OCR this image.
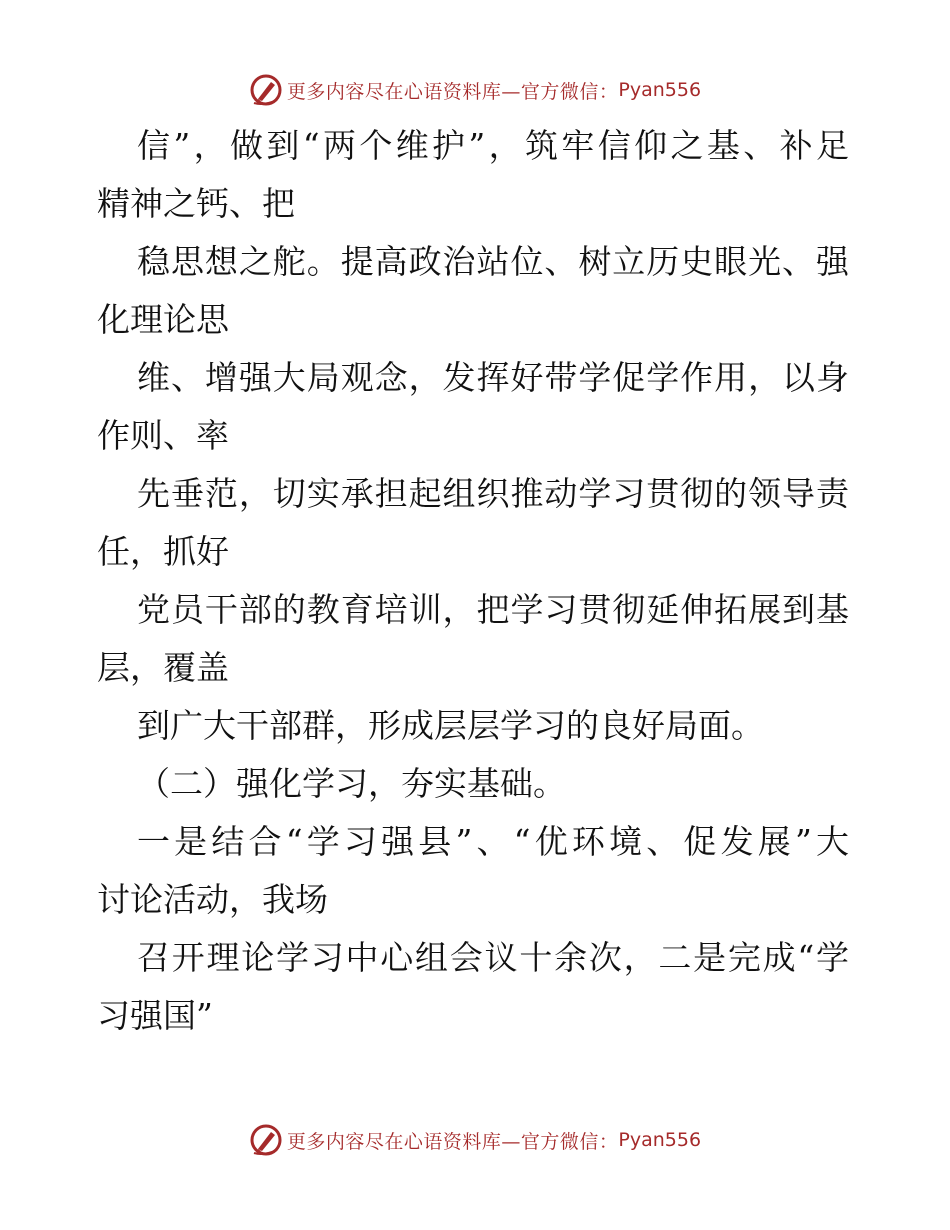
更多内容尽在心语资料库—官方微信： Pyan556
信”，做到“两个维护”，筑牢信仰之基、补足
精神之钙、把
稳思想之舵。提高政治站位、树立历史眼光、强
化理论思
维、增强大局观念，发挥好带学促学作用，以身
作则、率
先垂范，切实承担起组织推动学习贯彻的领导责
任，抓好
党员干部的教育培训，把学习贯彻延伸拓展到基
层，覆盖
到广大干部群，形成层层学习的良好局面。
（二）强化学习，夯实基础。
一是结合“学习强县”、“优环境、促发展”大
讨论活动，我场
召开理论学习中心组会议十余次，二是完成“学
习强国”
更多内容尽在心语资料库—官方微信： Pyan556
